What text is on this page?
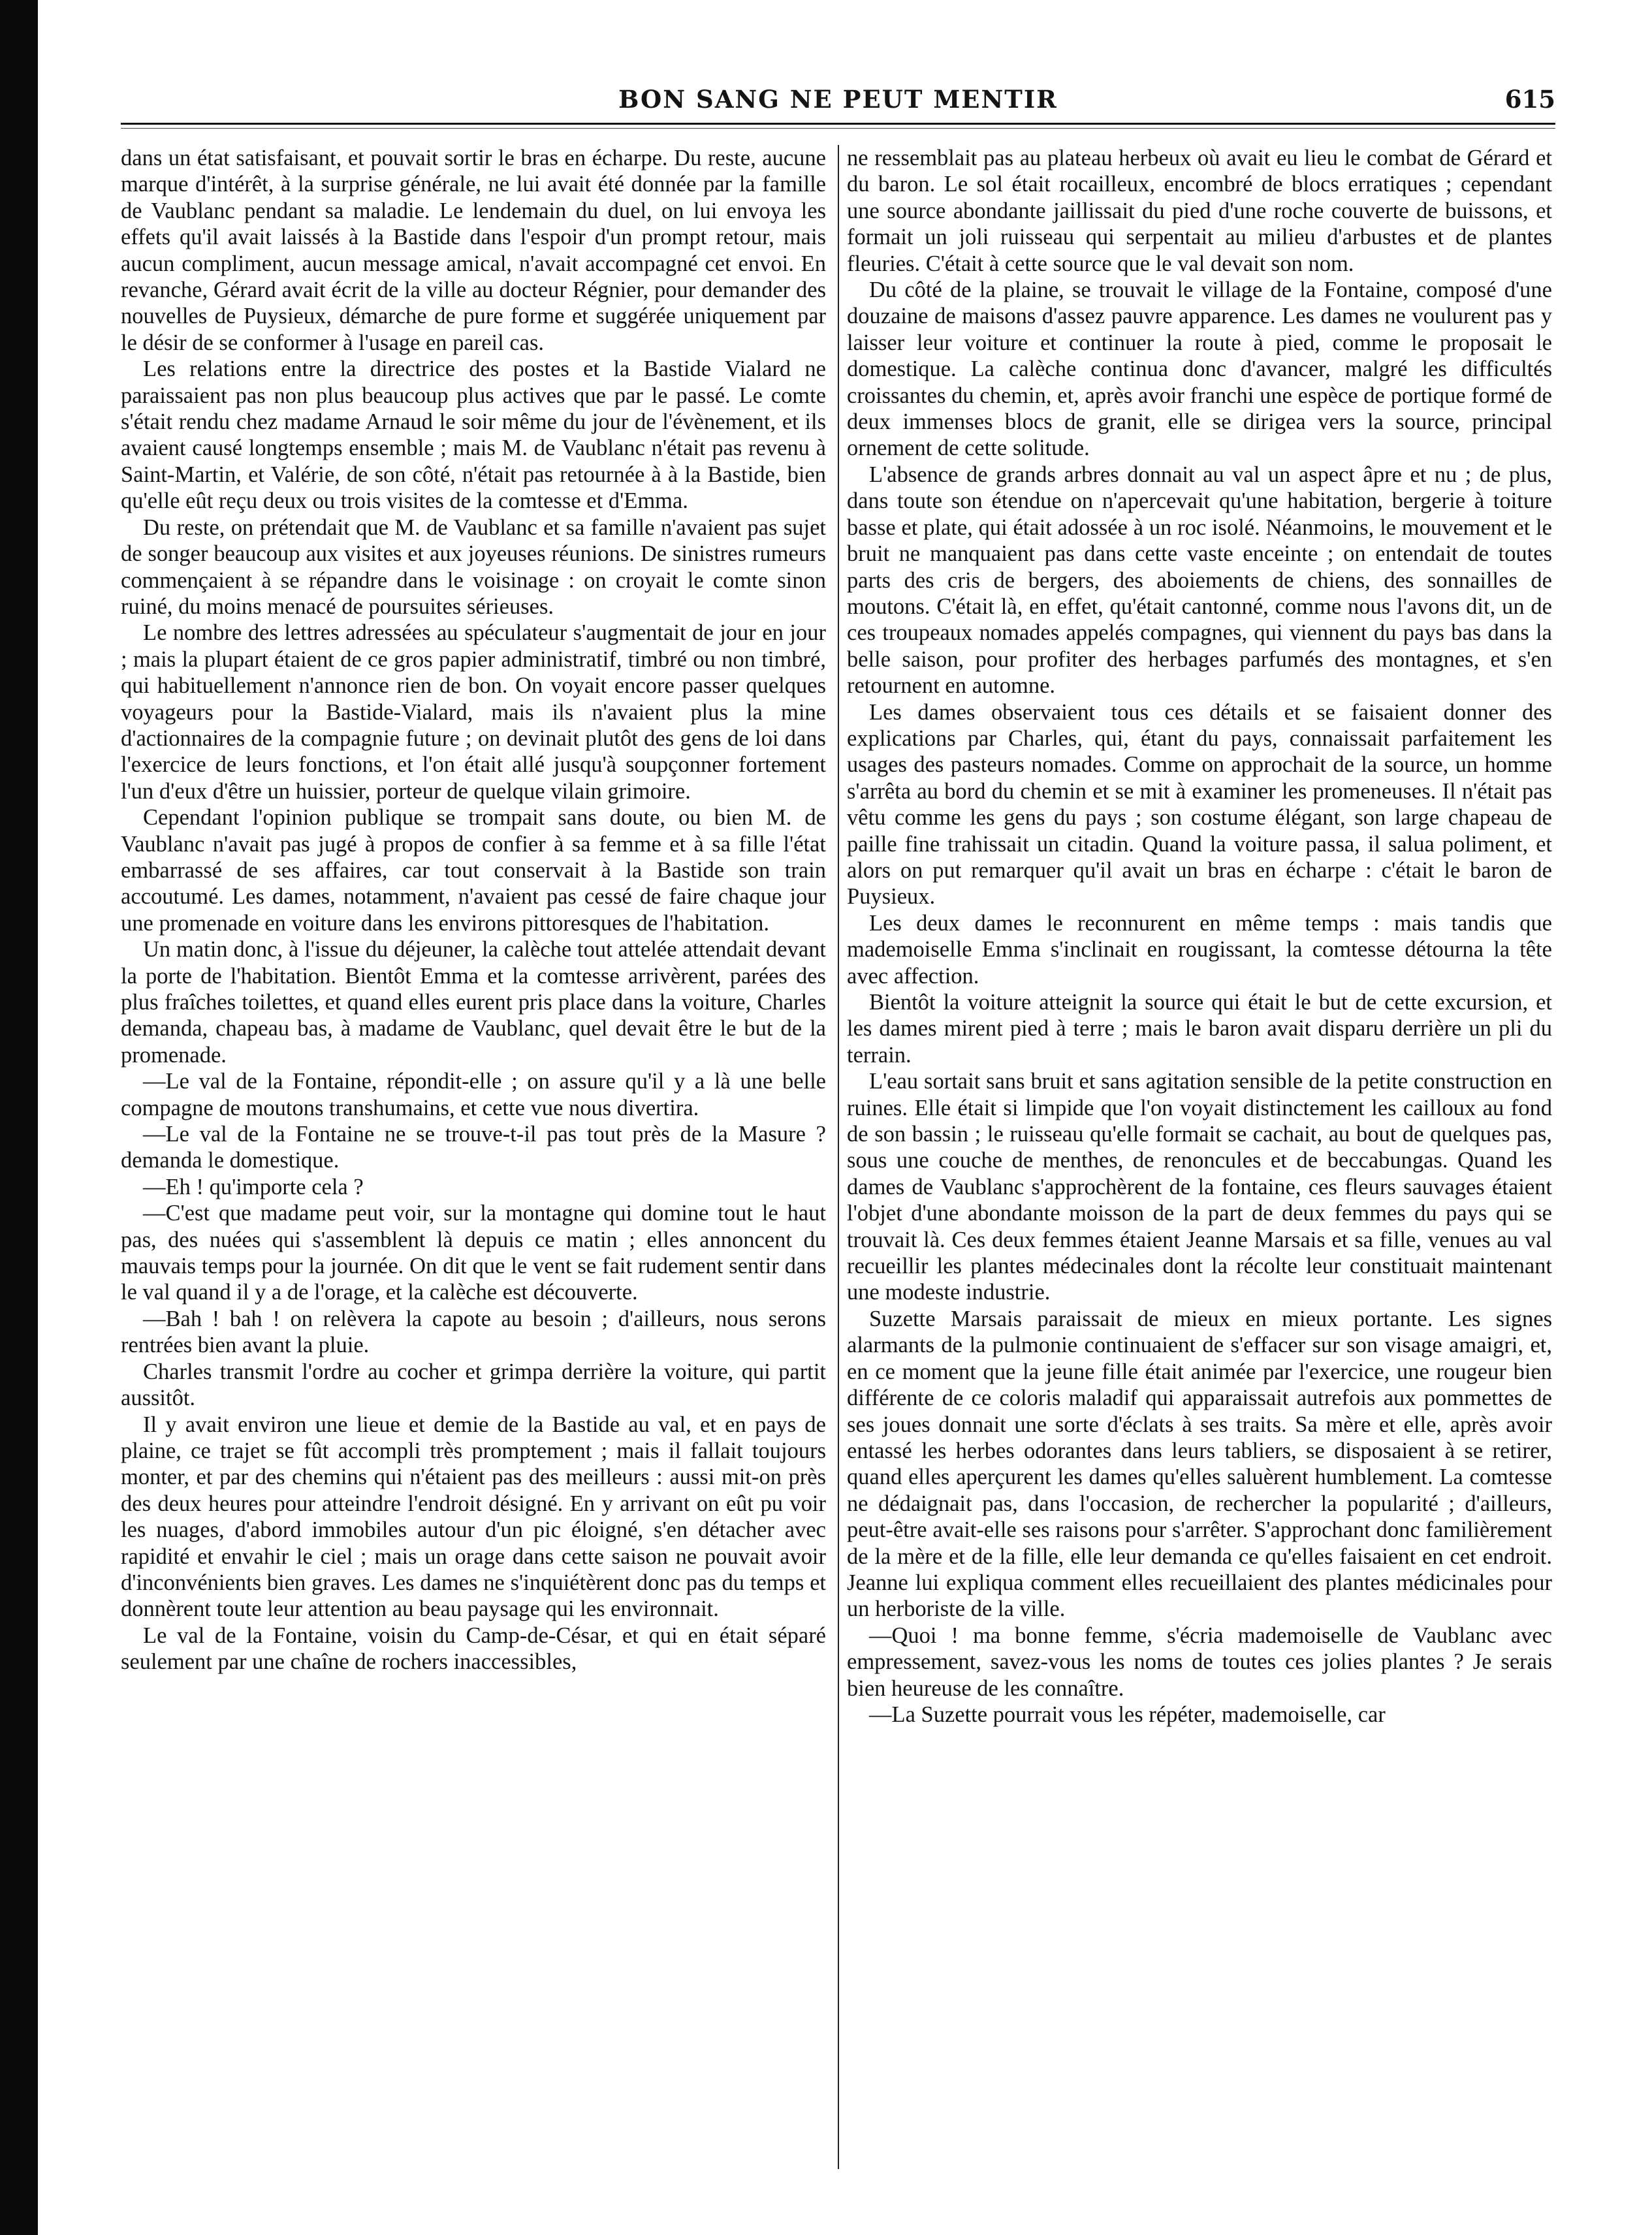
BON SANG NE PEUT MENTIR	615

dans un état satisfaisant, et pouvait sortir le bras en écharpe. Du reste, aucune marque d'intérêt, à la surprise générale, ne lui avait été donnée par la famille de Vaublanc pendant sa maladie. Le lendemain du duel, on lui envoya les effets qu'il avait laissés à la Bastide dans l'espoir d'un prompt retour, mais aucun compliment, aucun message amical, n'avait accompagné cet envoi. En revanche, Gérard avait écrit de la ville au docteur Régnier, pour demander des nouvelles de Puysieux, démarche de pure forme et suggérée uniquement par le désir de se conformer à l'usage en pareil cas.

Les relations entre la directrice des postes et la Bastide Vialard ne paraissaient pas non plus beaucoup plus actives que par le passé. Le comte s'était rendu chez madame Arnaud le soir même du jour de l'évènement, et ils avaient causé longtemps ensemble ; mais M. de Vaublanc n'était pas revenu à Saint-Martin, et Valérie, de son côté, n'était pas retournée à à la Bastide, bien qu'elle eût reçu deux ou trois visites de la comtesse et d'Emma.

Du reste, on prétendait que M. de Vaublanc et sa famille n'avaient pas sujet de songer beaucoup aux visites et aux joyeuses réunions. De sinistres rumeurs commençaient à se répandre dans le voisinage : on croyait le comte sinon ruiné, du moins menacé de poursuites sérieuses.

Le nombre des lettres adressées au spéculateur s'augmentait de jour en jour ; mais la plupart étaient de ce gros papier administratif, timbré ou non timbré, qui habituellement n'annonce rien de bon. On voyait encore passer quelques voyageurs pour la Bastide-Vialard, mais ils n'avaient plus la mine d'actionnaires de la compagnie future ; on devinait plutôt des gens de loi dans l'exercice de leurs fonctions, et l'on était allé jusqu'à soupçonner fortement l'un d'eux d'être un huissier, porteur de quelque vilain grimoire.

Cependant l'opinion publique se trompait sans doute, ou bien M. de Vaublanc n'avait pas jugé à propos de confier à sa femme et à sa fille l'état embarrassé de ses affaires, car tout conservait à la Bastide son train accoutumé. Les dames, notamment, n'avaient pas cessé de faire chaque jour une promenade en voiture dans les environs pittoresques de l'habitation.

Un matin donc, à l'issue du déjeuner, la calèche tout attelée attendait devant la porte de l'habitation. Bientôt Emma et la comtesse arrivèrent, parées des plus fraîches toilettes, et quand elles eurent pris place dans la voiture, Charles demanda, chapeau bas, à madame de Vaublanc, quel devait être le but de la promenade.

—Le val de la Fontaine, répondit-elle ; on assure qu'il y a là une belle compagne de moutons transhumains, et cette vue nous divertira.

—Le val de la Fontaine ne se trouve-t-il pas tout près de la Masure ? demanda le domestique.

—Eh ! qu'importe cela ?

—C'est que madame peut voir, sur la montagne qui domine tout le haut pas, des nuées qui s'assemblent là depuis ce matin ; elles annoncent du mauvais temps pour la journée. On dit que le vent se fait rudement sentir dans le val quand il y a de l'orage, et la calèche est découverte.

—Bah ! bah ! on relèvera la capote au besoin ; d'ailleurs, nous serons rentrées bien avant la pluie.

Charles transmit l'ordre au cocher et grimpa derrière la voiture, qui partit aussitôt.

Il y avait environ une lieue et demie de la Bastide au val, et en pays de plaine, ce trajet se fût accompli très promptement ; mais il fallait toujours monter, et par des chemins qui n'étaient pas des meilleurs : aussi mit-on près des deux heures pour atteindre l'endroit désigné. En y arrivant on eût pu voir les nuages, d'abord immobiles autour d'un pic éloigné, s'en détacher avec rapidité et envahir le ciel ; mais un orage dans cette saison ne pouvait avoir d'inconvénients bien graves. Les dames ne s'inquiétèrent donc pas du temps et donnèrent toute leur attention au beau paysage qui les environnait.

Le val de la Fontaine, voisin du Camp-de-César, et qui en était séparé seulement par une chaîne de rochers inaccessibles,

ne ressemblait pas au plateau herbeux où avait eu lieu le combat de Gérard et du baron. Le sol était rocailleux, encombré de blocs erratiques ; cependant une source abondante jaillissait du pied d'une roche couverte de buissons, et formait un joli ruisseau qui serpentait au milieu d'arbustes et de plantes fleuries. C'était à cette source que le val devait son nom.

Du côté de la plaine, se trouvait le village de la Fontaine, composé d'une douzaine de maisons d'assez pauvre apparence. Les dames ne voulurent pas y laisser leur voiture et continuer la route à pied, comme le proposait le domestique. La calèche continua donc d'avancer, malgré les difficultés croissantes du chemin, et, après avoir franchi une espèce de portique formé de deux immenses blocs de granit, elle se dirigea vers la source, principal ornement de cette solitude.

L'absence de grands arbres donnait au val un aspect âpre et nu ; de plus, dans toute son étendue on n'apercevait qu'une habitation, bergerie à toiture basse et plate, qui était adossée à un roc isolé. Néanmoins, le mouvement et le bruit ne manquaient pas dans cette vaste enceinte ; on entendait de toutes parts des cris de bergers, des aboiements de chiens, des sonnailles de moutons. C'était là, en effet, qu'était cantonné, comme nous l'avons dit, un de ces troupeaux nomades appelés compagnes, qui viennent du pays bas dans la belle saison, pour profiter des herbages parfumés des montagnes, et s'en retournent en automne.

Les dames observaient tous ces détails et se faisaient donner des explications par Charles, qui, étant du pays, connaissait parfaitement les usages des pasteurs nomades. Comme on approchait de la source, un homme s'arrêta au bord du chemin et se mit à examiner les promeneuses. Il n'était pas vêtu comme les gens du pays ; son costume élégant, son large chapeau de paille fine trahissait un citadin. Quand la voiture passa, il salua poliment, et alors on put remarquer qu'il avait un bras en écharpe : c'était le baron de Puysieux.

Les deux dames le reconnurent en même temps : mais tandis que mademoiselle Emma s'inclinait en rougissant, la comtesse détourna la tête avec affection.

Bientôt la voiture atteignit la source qui était le but de cette excursion, et les dames mirent pied à terre ; mais le baron avait disparu derrière un pli du terrain.

L'eau sortait sans bruit et sans agitation sensible de la petite construction en ruines. Elle était si limpide que l'on voyait distinctement les cailloux au fond de son bassin ; le ruisseau qu'elle formait se cachait, au bout de quelques pas, sous une couche de menthes, de renoncules et de beccabungas. Quand les dames de Vaublanc s'approchèrent de la fontaine, ces fleurs sauvages étaient l'objet d'une abondante moisson de la part de deux femmes du pays qui se trouvait là. Ces deux femmes étaient Jeanne Marsais et sa fille, venues au val recueillir les plantes médecinales dont la récolte leur constituait maintenant une modeste industrie.

Suzette Marsais paraissait de mieux en mieux portante. Les signes alarmants de la pulmonie continuaient de s'effacer sur son visage amaigri, et, en ce moment que la jeune fille était animée par l'exercice, une rougeur bien différente de ce coloris maladif qui apparaissait autrefois aux pommettes de ses joues donnait une sorte d'éclats à ses traits. Sa mère et elle, après avoir entassé les herbes odorantes dans leurs tabliers, se disposaient à se retirer, quand elles aperçurent les dames qu'elles saluèrent humblement. La comtesse ne dédaignait pas, dans l'occasion, de rechercher la popularité ; d'ailleurs, peut-être avait-elle ses raisons pour s'arrêter. S'approchant donc familièrement de la mère et de la fille, elle leur demanda ce qu'elles faisaient en cet endroit. Jeanne lui expliqua comment elles recueillaient des plantes médicinales pour un herboriste de la ville.

—Quoi ! ma bonne femme, s'écria mademoiselle de Vaublanc avec empressement, savez-vous les noms de toutes ces jolies plantes ? Je serais bien heureuse de les connaître.

—La Suzette pourrait vous les répéter, mademoiselle, car
